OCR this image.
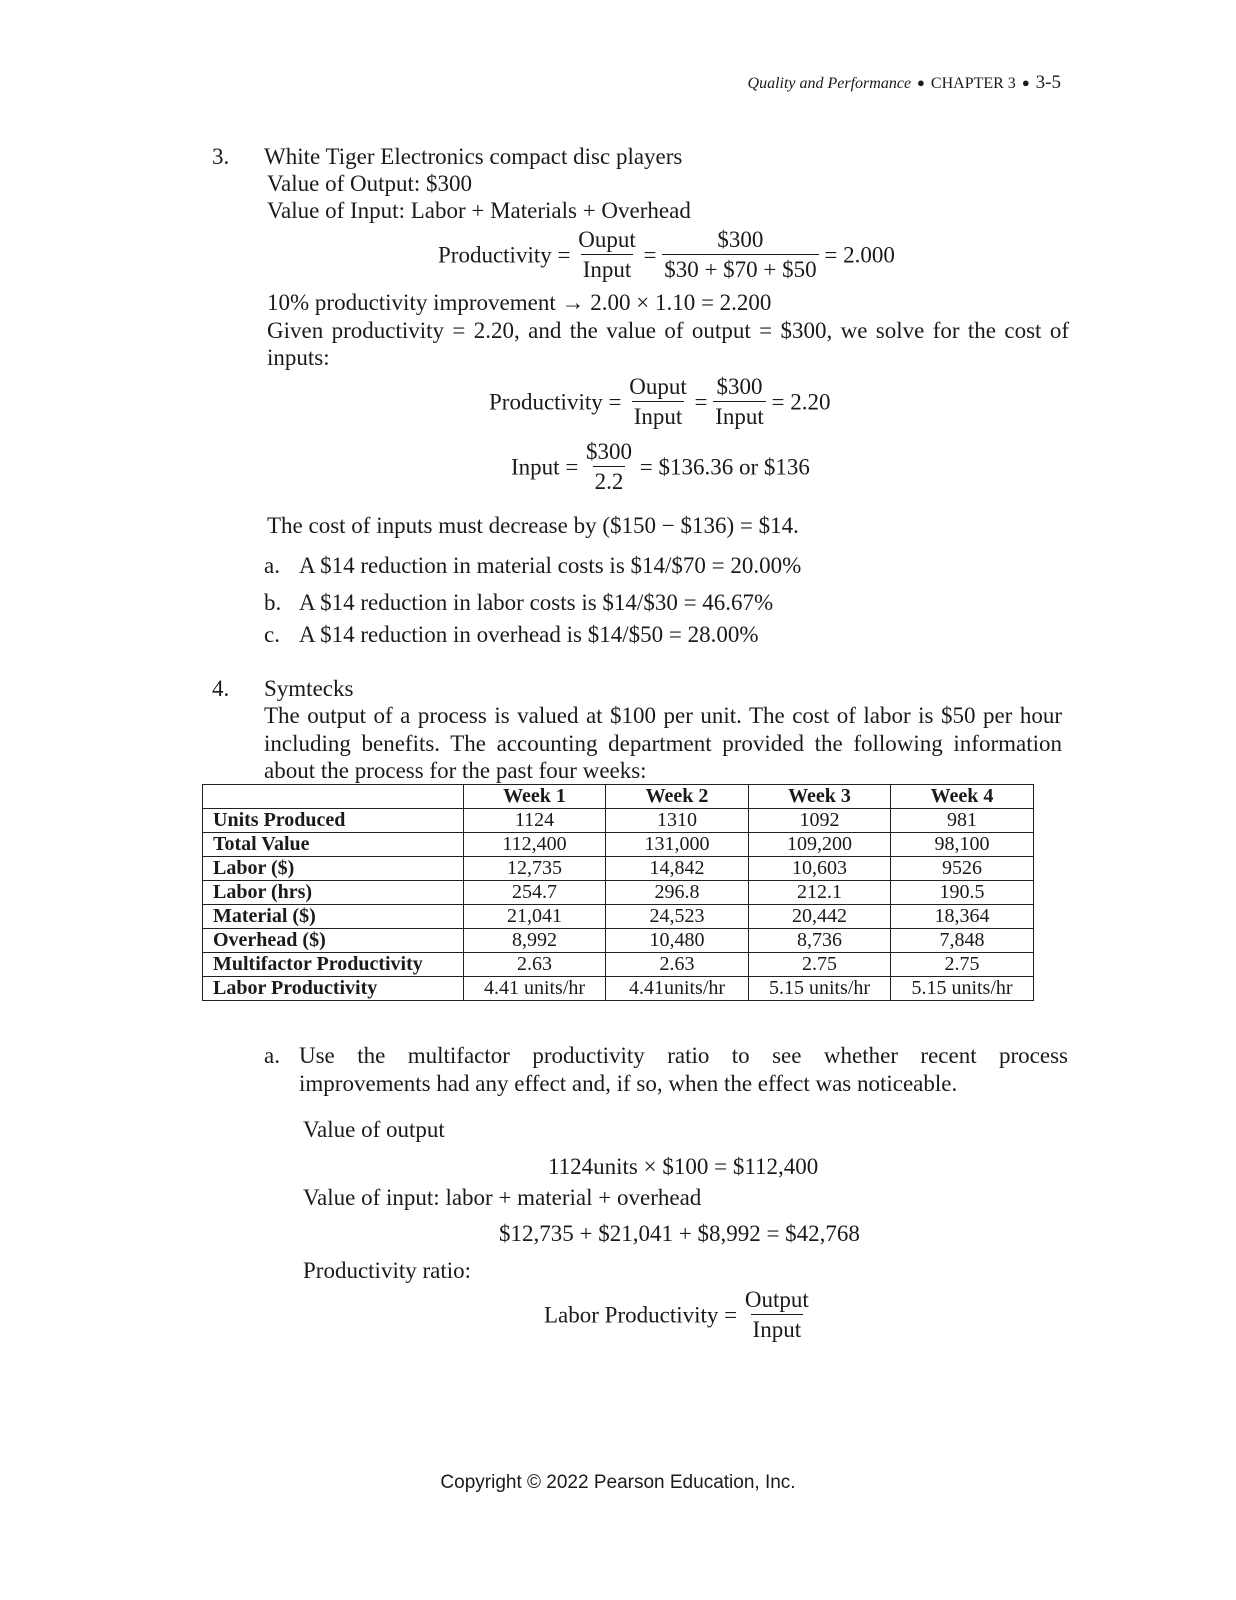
Quality and Performance ● CHAPTER 3 ● 3-5
3. White Tiger Electronics compact disc players
Value of Output: $300
Value of Input: Labor + Materials + Overhead
Productivity = $\frac{\text{Ouput}}{\text{Input}} = \frac{\$300}{\$30 + \$70 + \$50} = 2.000$
10% productivity improvement → 2.00 × 1.10 = 2.200
Given productivity = 2.20, and the value of output = $300, we solve for the cost of inputs:
Productivity = $\frac{\text{Ouput}}{\text{Input}} = \frac{\$300}{\text{Input}} = 2.20$
Input = $\frac{\$300}{2.2}$ = $136.36 or $136
The cost of inputs must decrease by ($150 − $136) = $14.
a. A $14 reduction in material costs is $14/$70 = 20.00%
b. A $14 reduction in labor costs is $14/$30 = 46.67%
c. A $14 reduction in overhead is $14/$50 = 28.00%
4. Symtecks
The output of a process is valued at $100 per unit. The cost of labor is $50 per hour
including benefits. The accounting department provided the following information
about the process for the past four weeks:
	Week 1	Week 2	Week 3	Week 4
Units Produced	1124	1310	1092	981
Total Value	112,400	131,000	109,200	98,100
Labor ($)	12,735	14,842	10,603	9526
Labor (hrs)	254.7	296.8	212.1	190.5
Material ($)	21,041	24,523	20,442	18,364
Overhead ($)	8,992	10,480	8,736	7,848
Multifactor Productivity	2.63	2.63	2.75	2.75
Labor Productivity	4.41 units/hr	4.41units/hr	5.15 units/hr	5.15 units/hr
a. Use the multifactor productivity ratio to see whether recent process
improvements had any effect and, if so, when the effect was noticeable.
Value of output
1124units × $100 = $112,400
Value of input: labor + material + overhead
$12,735 + $21,041 + $8,992 = $42,768
Productivity ratio:
Labor Productivity = $\frac{\text{Output}}{\text{Input}}$
Copyright © 2022 Pearson Education, Inc.
